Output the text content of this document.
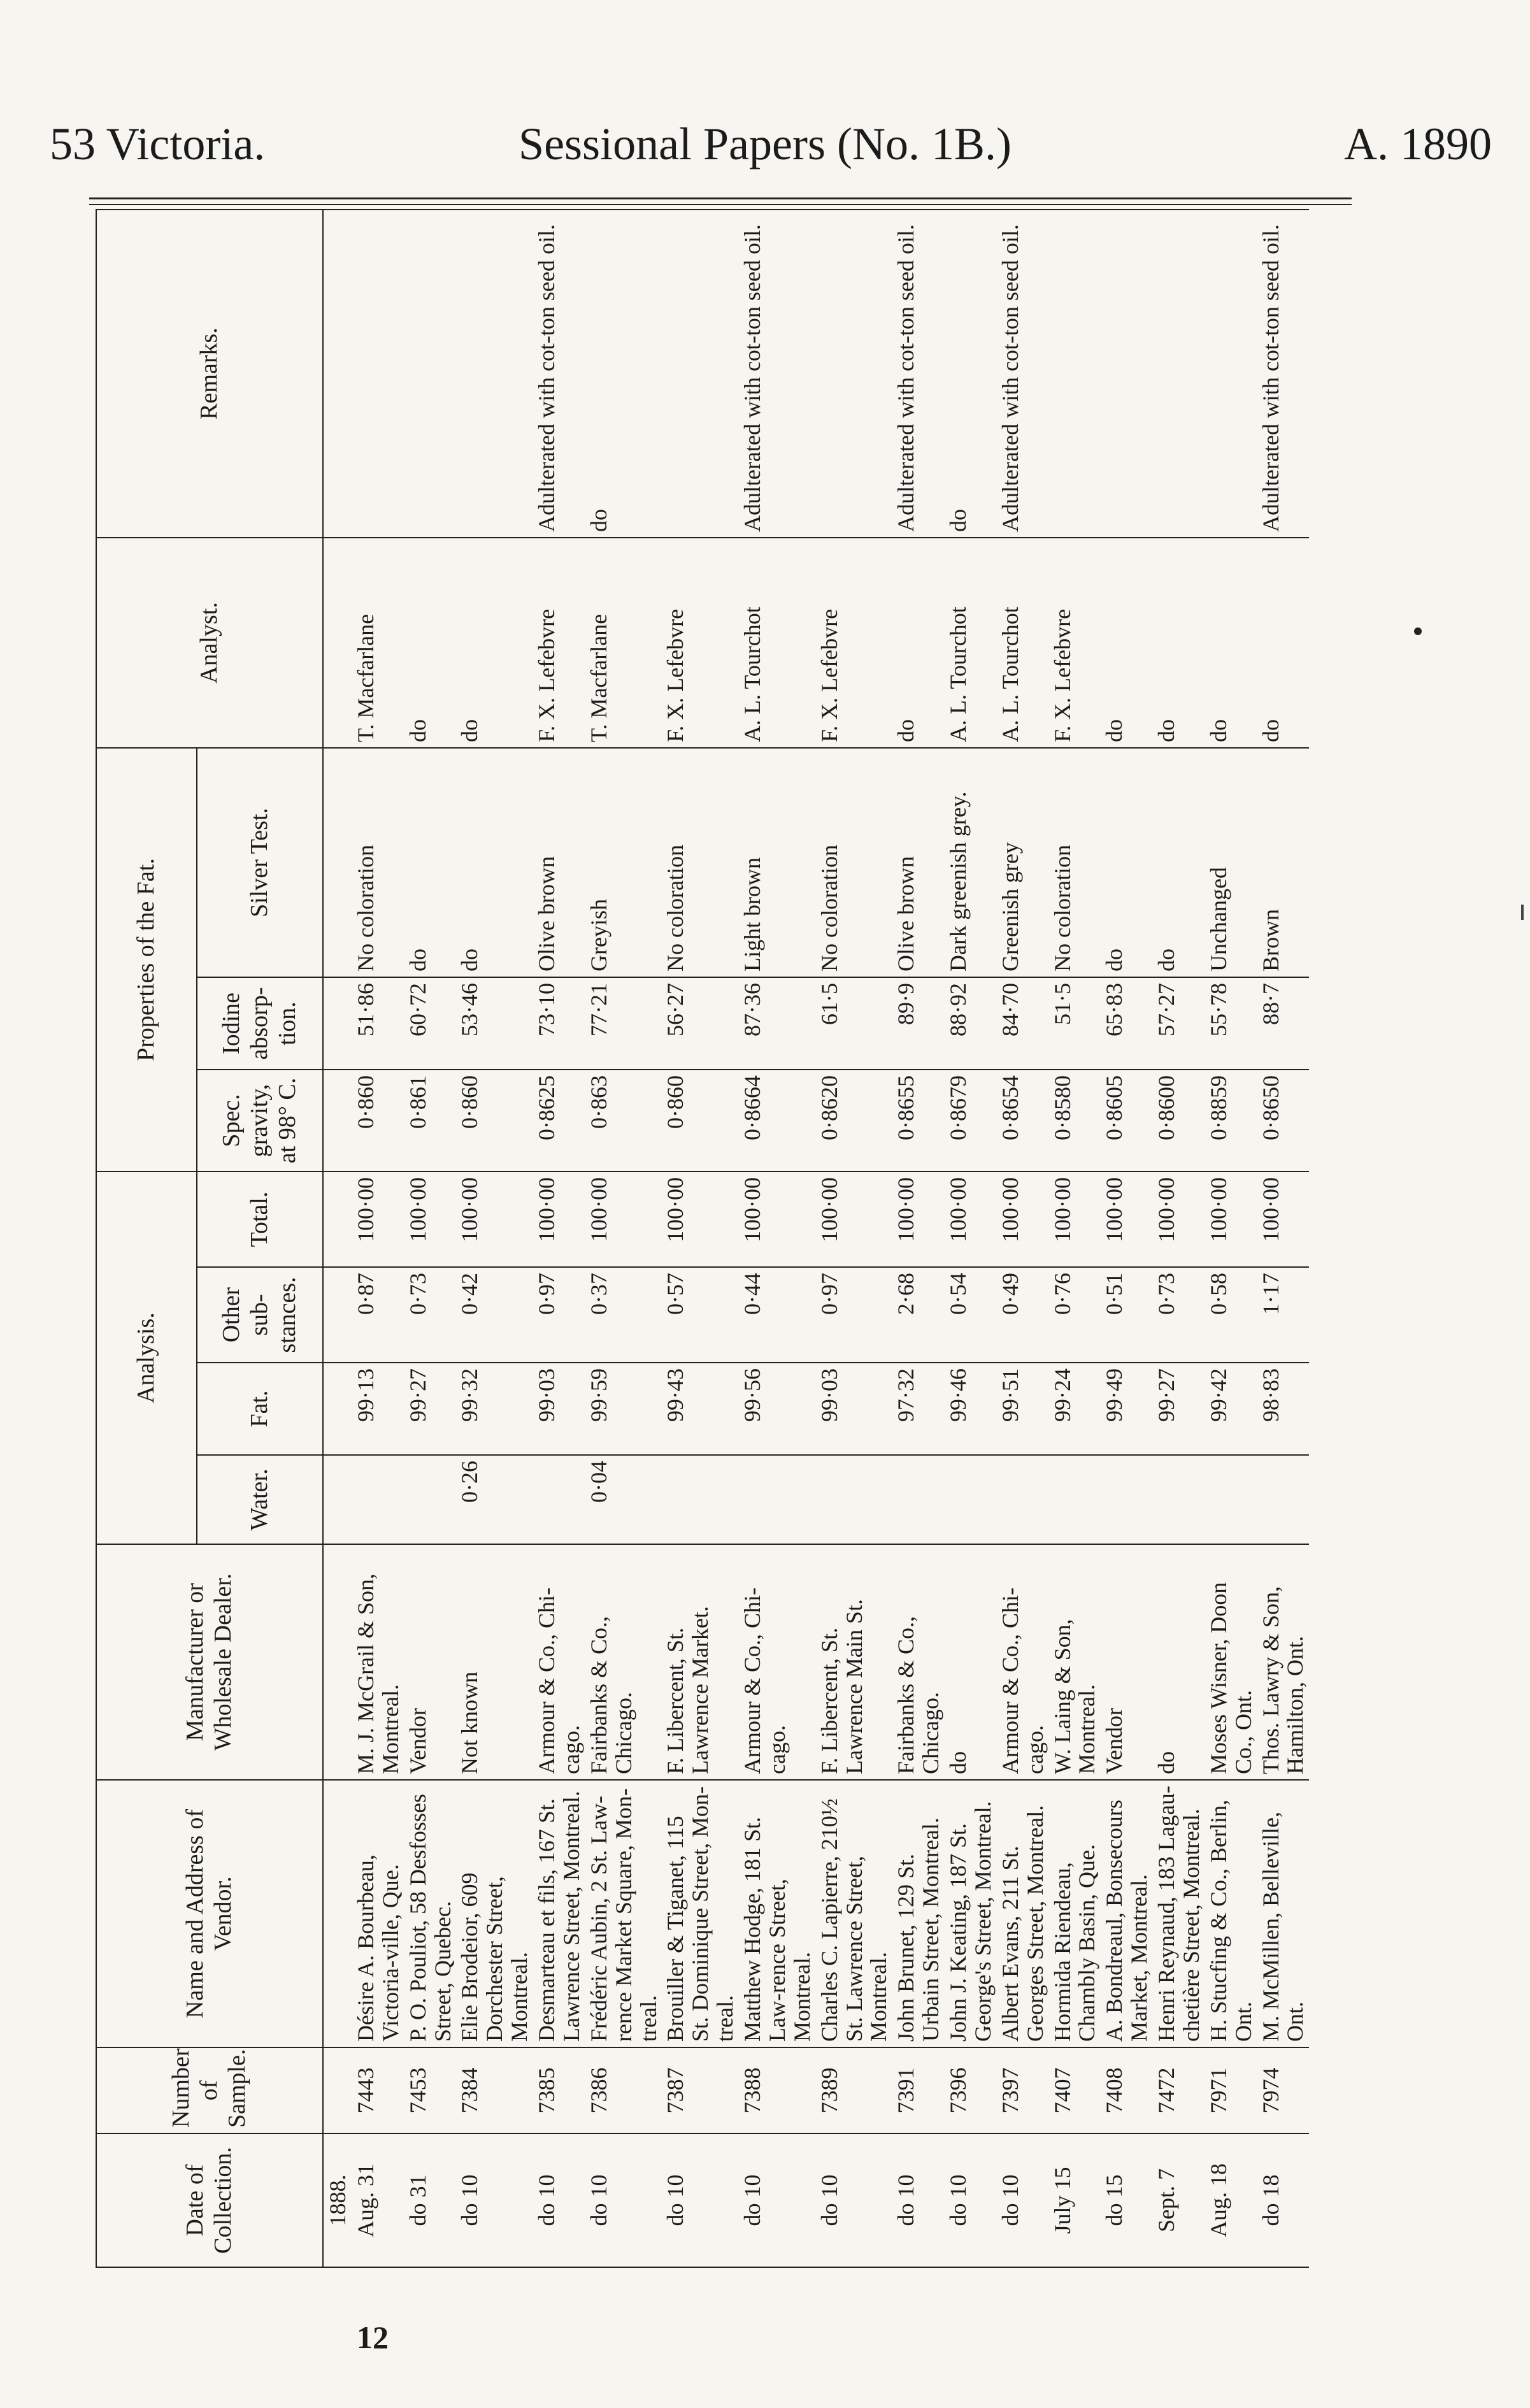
53 Victoria.	Sessional Papers (No. 1B.)	A. 1890
Date of Collection.	Number of Sample.	Name and Address of Vendor.	Manufacturer or Wholesale Dealer.	Analysis.				Properties of the Fat.			Analyst.	Remarks.
				Water.	Fat.	Other sub-stances.	Total.	Spec. gravity, at 98° C.	Iodine absorp-tion.	Silver Test.		
1888.												
Aug. 31	7443	Désire A. Bourbeau, Victoria-ville, Que.	M. J. McGrail & Son, Montreal.		99·13	0·87	100·00	0·860	51·86	No coloration	T. Macfarlane	
do 31	7453	P. O. Pouliot, 58 Desfosses Street, Quebec.	Vendor		99·27	0·73	100·00	0·861	60·72	do	do	
do 10	7384	Elie Brodeior, 609 Dorchester Street, Montreal.	Not known	0·26	99·32	0·42	100·00	0·860	53·46	do	do	
do 10	7385	Desmarteau et fils, 167 St. Lawrence Street, Montreal.	Armour & Co., Chi-cago.		99·03	0·97	100·00	0·8625	73·10	Olive brown	F. X. Lefebvre	Adulterated with cot-ton seed oil.
do 10	7386	Frédéric Aubin, 2 St. Law-rence Market Square, Mon-treal.	Fairbanks & Co., Chicago.	0·04	99·59	0·37	100·00	0·863	77·21	Greyish	T. Macfarlane	do
do 10	7387	Brouiller & Tiganet, 115 St. Dominique Street, Mon-treal.	F. Libercent, St. Lawrence Market.		99·43	0·57	100·00	0·860	56·27	No coloration	F. X. Lefebvre	
do 10	7388	Matthew Hodge, 181 St. Law-rence Street, Montreal.	Armour & Co., Chi-cago.		99·56	0·44	100·00	0·8664	87·36	Light brown	A. L. Tourchot	Adulterated with cot-ton seed oil.
do 10	7389	Charles C. Lapierre, 210½ St. Lawrence Street, Montreal.	F. Libercent, St. Lawrence Main St.		99·03	0·97	100·00	0·8620	61·5	No coloration	F. X. Lefebvre	
do 10	7391	John Brunet, 129 St. Urbain Street, Montreal.	Fairbanks & Co., Chicago.		97·32	2·68	100·00	0·8655	89·9	Olive brown	do	Adulterated with cot-ton seed oil.
do 10	7396	John J. Keating, 187 St. George's Street, Montreal.	do		99·46	0·54	100·00	0·8679	88·92	Dark greenish grey.	A. L. Tourchot	do
do 10	7397	Albert Evans, 211 St. Georges Street, Montreal.	Armour & Co., Chi-cago.		99·51	0·49	100·00	0·8654	84·70	Greenish grey	A. L. Tourchot	Adulterated with cot-ton seed oil.
July 15	7407	Hormida Riendeau, Chambly Basin, Que.	W. Laing & Son, Montreal.		99·24	0·76	100·00	0·8580	51·5	No coloration	F. X. Lefebvre	
do 15	7408	A. Bondreaul, Bonsecours Market, Montreal.	Vendor		99·49	0·51	100·00	0·8605	65·83	do	do	
Sept. 7	7472	Henri Reynaud, 183 Lagau-chetière Street, Montreal.	do		99·27	0·73	100·00	0·8600	57·27	do	do	
Aug. 18	7971	H. Stucfing & Co., Berlin, Ont.	Moses Wisner, Doon Co., Ont.		99·42	0·58	100·00	0·8859	55·78	Unchanged	do	
do 18	7974	M. McMillen, Belleville, Ont.	Thos. Lawry & Son, Hamilton, Ont.		98·83	1·17	100·00	0·8650	88·7	Brown	do	Adulterated with cot-ton seed oil.
12
